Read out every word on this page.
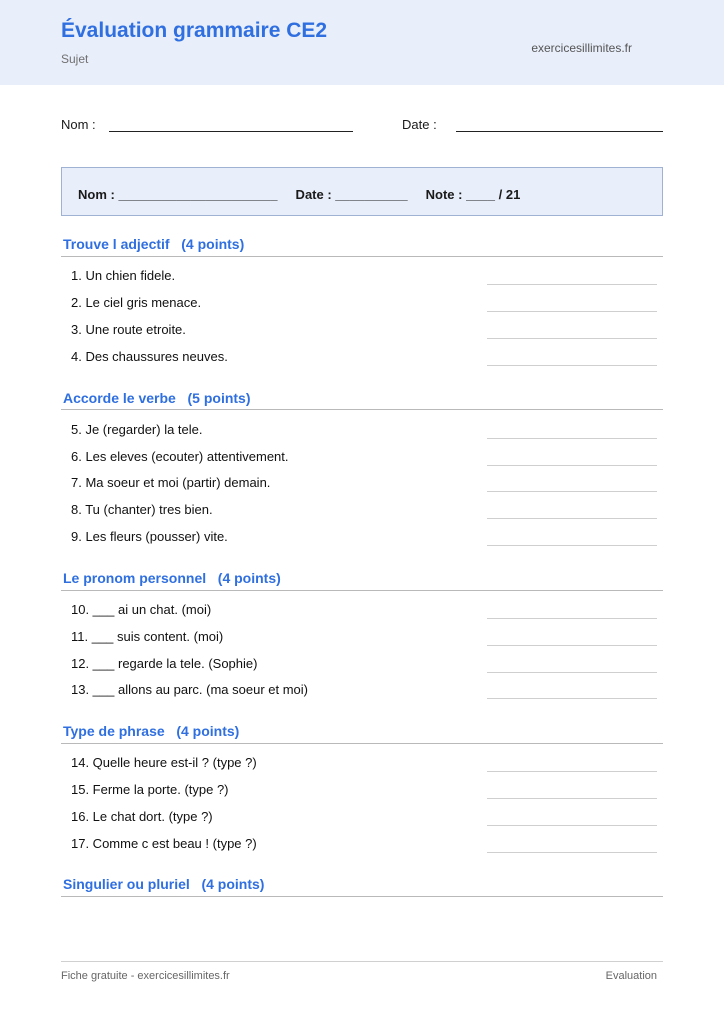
Évaluation grammaire CE2
Sujet
exercicesillimites.fr
Nom :	Date :
Nom : ______________________     Date : __________     Note : ____ / 21
Trouve l adjectif   (4 points)
1. Un chien fidele.
2. Le ciel gris menace.
3. Une route etroite.
4. Des chaussures neuves.
Accorde le verbe   (5 points)
5. Je (regarder) la tele.
6. Les eleves (ecouter) attentivement.
7. Ma soeur et moi (partir) demain.
8. Tu (chanter) tres bien.
9. Les fleurs (pousser) vite.
Le pronom personnel   (4 points)
10. ___ ai un chat. (moi)
11. ___ suis content. (moi)
12. ___ regarde la tele. (Sophie)
13. ___ allons au parc. (ma soeur et moi)
Type de phrase   (4 points)
14. Quelle heure est-il ? (type ?)
15. Ferme la porte. (type ?)
16. Le chat dort. (type ?)
17. Comme c est beau ! (type ?)
Singulier ou pluriel   (4 points)
Fiche gratuite - exercicesillimites.fr	Evaluation
